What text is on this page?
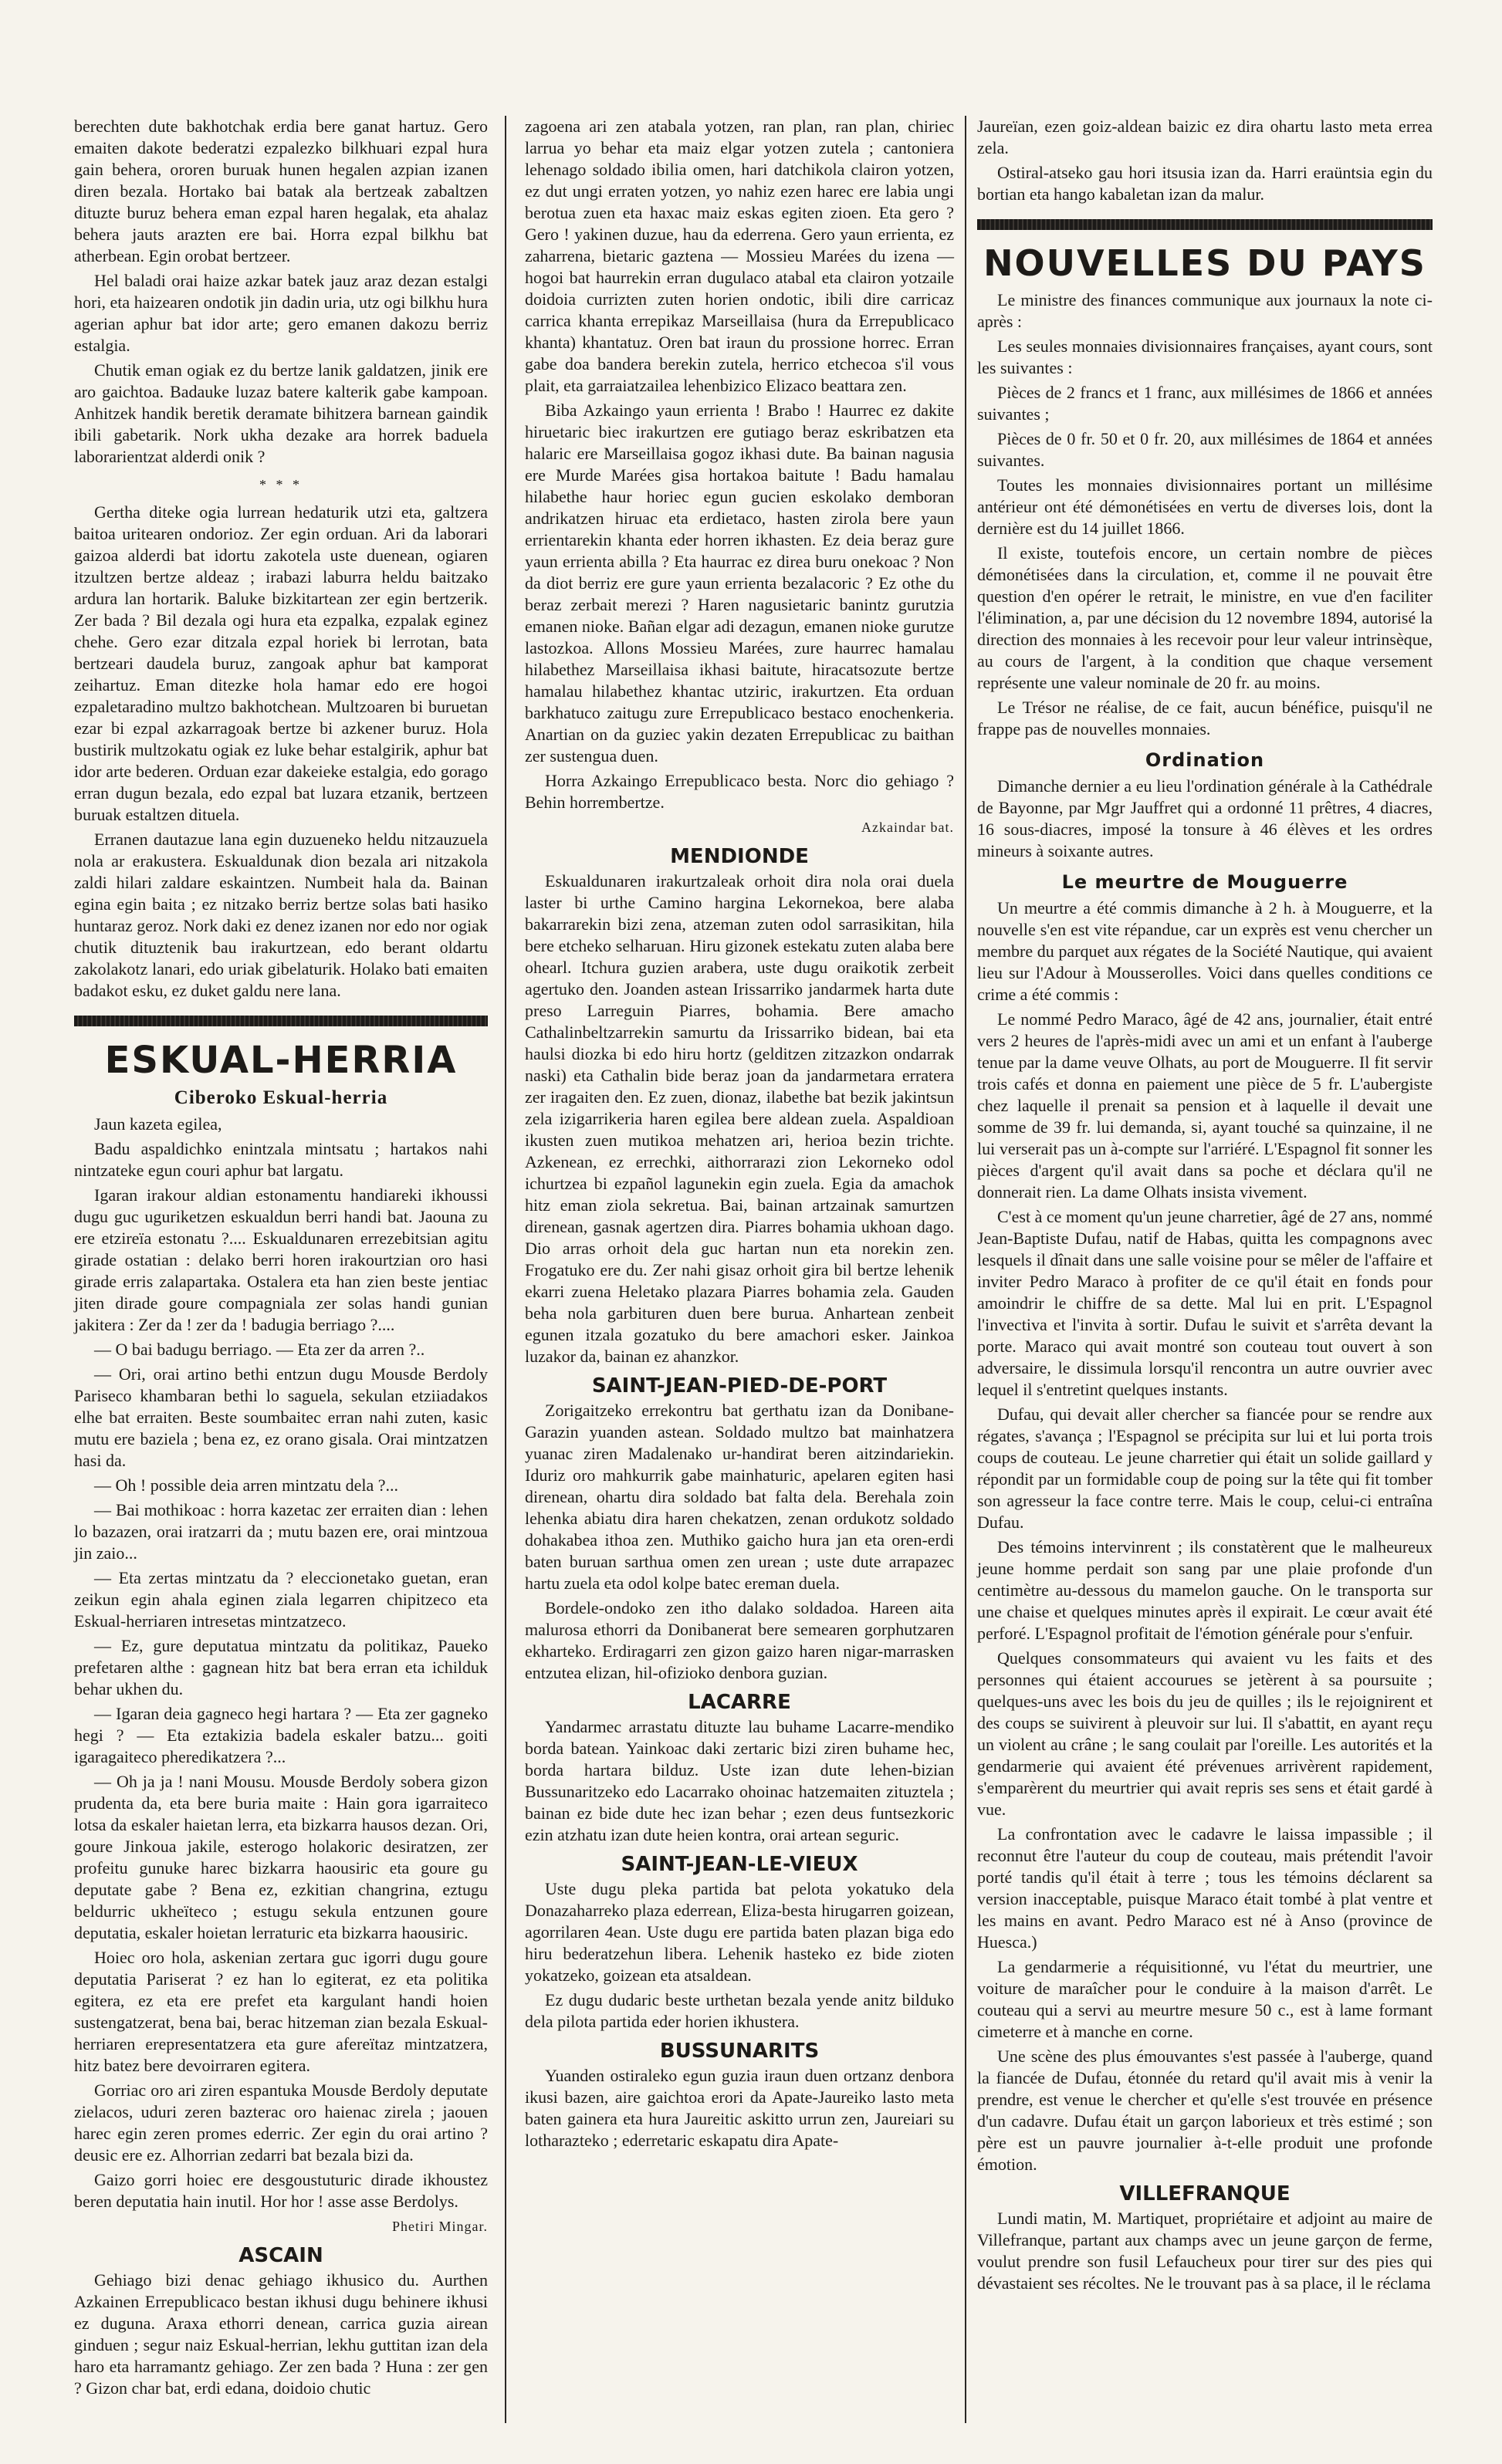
berechten dute bakhotchak erdia bere ganat hartuz. Gero emaiten dakote bederatzi ezpalezko bilkhuari ezpal hura gain behera, ororen buruak hunen hegalen azpian izanen diren bezala. Hortako bai batak ala bertzeak zabaltzen dituzte buruz behera eman ezpal haren hegalak, eta ahalaz behera jauts arazten ere bai. Horra ezpal bilkhu bat atherbean. Egin orobat bertzeer.

Hel baladi orai haize azkar batek jauz araz dezan estalgi hori, eta haizearen ondotik jin dadin uria, utz ogi bilkhu hura agerian aphur bat idor arte; gero emanen dakozu berriz estalgia.

Chutik eman ogiak ez du bertze lanik galdatzen, jinik ere aro gaichtoa. Badauke luzaz batere kalterik gabe kampoan. Anhitzek handik beretik deramate bihitzera barnean gaindik ibili gabetarik. Nork ukha dezake ara horrek baduela laborarientzat alderdi onik ?

* * *

Gertha diteke ogia lurrean hedaturik utzi eta, galtzera baitoa uritearen ondorioz. Zer egin orduan. Ari da laborari gaizoa alderdi bat idortu zakotela uste duenean, ogiaren itzultzen bertze aldeaz ; irabazi laburra heldu baitzako ardura lan hortarik. Baluke bizkitartean zer egin bertzerik. Zer bada ? Bil dezala ogi hura eta ezpalka, ezpalak eginez chehe. Gero ezar ditzala ezpal horiek bi lerrotan, bata bertzeari daudela buruz, zangoak aphur bat kamporat zeihartuz. Eman ditezke hola hamar edo ere hogoi ezpaletaradino multzo bakhotchean. Multzoaren bi buruetan ezar bi ezpal azkarragoak bertze bi azkener buruz. Hola bustirik multzokatu ogiak ez luke behar estalgirik, aphur bat idor arte bederen. Orduan ezar dakeieke estalgia, edo gorago erran dugun bezala, edo ezpal bat luzara etzanik, bertzeen buruak estaltzen dituela.

Erranen dautazue lana egin duzueneko heldu nitzauzuela nola ar erakustera. Eskualdunak dion bezala ari nitzakola zaldi hilari zaldare eskaintzen. Numbeit hala da. Bainan egina egin baita ; ez nitzako berriz bertze solas bati hasiko huntaraz geroz. Nork daki ez denez izanen nor edo nor ogiak chutik dituztenik bau irakurtzean, edo berant oldartu zakolakotz lanari, edo uriak gibelaturik. Holako bati emaiten badakot esku, ez duket galdu nere lana.

ESKUAL-HERRIA
Ciberoko Eskual-herria

Jaun kazeta egilea,

Badu aspaldichko enintzala mintsatu ; hartakos nahi nintzateke egun couri aphur bat largatu.

Igaran irakour aldian estonamentu handiareki ikhoussi dugu guc uguriketzen eskualdun berri handi bat. Jaouna zu ere etzireïa estonatu ?.... Eskualdunaren errezebitsian agitu girade ostatian : delako berri horen irakourtzian oro hasi girade erris zalapartaka. Ostalera eta han zien beste jentiac jiten dirade goure compagniala zer solas handi gunian jakitera : Zer da ! zer da ! badugia berriago ?....

— O bai badugu berriago. — Eta zer da arren ?..

— Ori, orai artino bethi entzun dugu Mousde Berdoly Pariseco khambaran bethi lo saguela, sekulan etziiadakos elhe bat erraiten. Beste soumbaitec erran nahi zuten, kasic mutu ere baziela ; bena ez, ez orano gisala. Orai mintzatzen hasi da.

— Oh ! possible deia arren mintzatu dela ?...

— Bai mothikoac : horra kazetac zer erraiten dian : lehen lo bazazen, orai iratzarri da ; mutu bazen ere, orai mintzoua jin zaio...

— Eta zertas mintzatu da ? eleccionetako guetan, eran zeikun egin ahala eginen ziala legarren chipitzeco eta Eskual-herriaren intresetas mintzatzeco.

— Ez, gure deputatua mintzatu da politikaz, Paueko prefetaren althe : gagnean hitz bat bera erran eta ichilduk behar ukhen du.

— Igaran deia gagneco hegi hartara ? — Eta zer gagneko hegi ? — Eta eztakizia badela eskaler batzu... goiti igaragaiteco pheredikatzera ?...

— Oh ja ja ! nani Mousu. Mousde Berdoly sobera gizon prudenta da, eta bere buria maite : Hain gora igarraiteco lotsa da eskaler haietan lerra, eta bizkarra hausos dezan. Ori, goure Jinkoua jakile, esterogo holakoric desiratzen, zer profeitu gunuke harec bizkarra haousiric eta goure gu deputate gabe ? Bena ez, ezkitian changrina, eztugu beldurric ukheïteco ; estugu sekula entzunen goure deputatia, eskaler hoietan lerraturic eta bizkarra haousiric.

Hoiec oro hola, askenian zertara guc igorri dugu goure deputatia Pariserat ? ez han lo egiterat, ez eta politika egitera, ez eta ere prefet eta kargulant handi hoien sustengatzerat, bena bai, berac hitzeman zian bezala Eskual-herriaren erepresentatzera eta gure afereïtaz mintzatzera, hitz batez bere devoirraren egitera.

Gorriac oro ari ziren espantuka Mousde Berdoly deputate zielacos, uduri zeren bazterac oro haienac zirela ; jaouen harec egin zeren promes ederric. Zer egin du orai artino ? deusic ere ez. Alhorrian zedarri bat bezala bizi da.

Gaizo gorri hoiec ere desgoustuturic dirade ikhoustez beren deputatia hain inutil. Hor hor ! asse asse Berdolys.

Phetiri Mingar.
ASCAIN

Gehiago bizi denac gehiago ikhusico du. Aurthen Azkainen Errepublicaco bestan ikhusi dugu behinere ikhusi ez duguna. Araxa ethorri denean, carrica guzia airean ginduen ; segur naiz Eskual-herrian, lekhu guttitan izan dela haro eta harramantz gehiago. Zer zen bada ? Huna : zer gen ? Gizon char bat, erdi edana, doidoio chutic

zagoena ari zen atabala yotzen, ran plan, ran plan, chiriec larrua yo behar eta maiz elgar yotzen zutela ; cantoniera lehenago soldado ibilia omen, hari datchikola clairon yotzen, ez dut ungi erraten yotzen, yo nahiz ezen harec ere labia ungi berotua zuen eta haxac maiz eskas egiten zioen. Eta gero ? Gero ! yakinen duzue, hau da ederrena. Gero yaun errienta, ez zaharrena, bietaric gaztena — Mossieu Marées du izena — hogoi bat haurrekin erran dugulaco atabal eta clairon yotzaile doidoia currizten zuten horien ondotic, ibili dire carricaz carrica khanta errepikaz Marseillaisa (hura da Errepublicaco khanta) khantatuz. Oren bat iraun du prossione horrec. Erran gabe doa bandera berekin zutela, herrico etchecoa s'il vous plait, eta garraiatzailea lehenbizico Elizaco beattara zen.

Biba Azkaingo yaun errienta ! Brabo ! Haurrec ez dakite hiruetaric biec irakurtzen ere gutiago beraz eskribatzen eta halaric ere Marseillaisa gogoz ikhasi dute. Ba bainan nagusia ere Murde Marées gisa hortakoa baitute ! Badu hamalau hilabethe haur horiec egun gucien eskolako demboran andrikatzen hiruac eta erdietaco, hasten zirola bere yaun errientarekin khanta eder horren ikhasten. Ez deia beraz gure yaun errienta abilla ? Eta haurrac ez direa buru onekoac ? Non da diot berriz ere gure yaun errienta bezalacoric ? Ez othe du beraz zerbait merezi ? Haren nagusietaric banintz gurutzia emanen nioke. Bañan elgar adi dezagun, emanen nioke gurutze lastozkoa. Allons Mossieu Marées, zure haurrec hamalau hilabethez Marseillaisa ikhasi baitute, hiracatsozute bertze hamalau hilabethez khantac utziric, irakurtzen. Eta orduan barkhatuco zaitugu zure Errepublicaco bestaco enochenkeria. Anartian on da guziec yakin dezaten Errepublicac zu baithan zer sustengua duen.

Horra Azkaingo Errepublicaco besta. Norc dio gehiago ? Behin horrembertze.

Azkaindar bat.
MENDIONDE

Eskualdunaren irakurtzaleak orhoit dira nola orai duela laster bi urthe Camino hargina Lekornekoa, bere alaba bakarrarekin bizi zena, atzeman zuten odol sarrasikitan, hila bere etcheko selharuan. Hiru gizonek estekatu zuten alaba bere ohearl. Itchura guzien arabera, uste dugu oraikotik zerbeit agertuko den. Joanden astean Irissarriko jandarmek harta dute preso Larreguin Piarres, bohamia. Bere amacho Cathalinbeltzarrekin samurtu da Irissarriko bidean, bai eta haulsi diozka bi edo hiru hortz (gelditzen zitzazkon ondarrak naski) eta Cathalin bide beraz joan da jandarmetara erratera zer iragaiten den. Ez zuen, dionaz, ilabethe bat bezik jakintsun zela izigarrikeria haren egilea bere aldean zuela. Aspaldioan ikusten zuen mutikoa mehatzen ari, herioa bezin trichte. Azkenean, ez errechki, aithorrarazi zion Lekorneko odol ichurtzea bi ezpañol lagunekin egin zuela. Egia da amachok hitz eman ziola sekretua. Bai, bainan artzainak samurtzen direnean, gasnak agertzen dira. Piarres bohamia ukhoan dago. Dio arras orhoit dela guc hartan nun eta norekin zen. Frogatuko ere du. Zer nahi gisaz orhoit gira bil bertze lehenik ekarri zuena Heletako plazara Piarres bohamia zela. Gauden beha nola garbituren duen bere burua. Anhartean zenbeit egunen itzala gozatuko du bere amachori esker. Jainkoa luzakor da, bainan ez ahanzkor.

SAINT-JEAN-PIED-DE-PORT

Zorigaitzeko errekontru bat gerthatu izan da Donibane-Garazin yuanden astean. Soldado multzo bat mainhatzera yuanac ziren Madalenako ur-handirat beren aitzindariekin. Iduriz oro mahkurrik gabe mainhaturic, apelaren egiten hasi direnean, ohartu dira soldado bat falta dela. Berehala zoin lehenka abiatu dira haren chekatzen, zenan ordukotz soldado dohakabea ithoa zen. Muthiko gaicho hura jan eta oren-erdi baten buruan sarthua omen zen urean ; uste dute arrapazec hartu zuela eta odol kolpe batec ereman duela.

Bordele-ondoko zen itho dalako soldadoa. Hareen aita malurosa ethorri da Donibanerat bere semearen gorphutzaren ekharteko. Erdiragarri zen gizon gaizo haren nigar-marrasken entzutea elizan, hil-ofizioko denbora guzian.

LACARRE

Yandarmec arrastatu dituzte lau buhame Lacarre-mendiko borda batean. Yainkoac daki zertaric bizi ziren buhame hec, borda hartara bilduz. Uste izan dute lehen-bizian Bussunaritzeko edo Lacarrako ohoinac hatzemaiten zituztela ; bainan ez bide dute hec izan behar ; ezen deus funtsezkoric ezin atzhatu izan dute heien kontra, orai artean seguric.

SAINT-JEAN-LE-VIEUX

Uste dugu pleka partida bat pelota yokatuko dela Donazaharreko plaza ederrean, Eliza-besta hirugarren goizean, agorrilaren 4ean. Uste dugu ere partida baten plazan biga edo hiru bederatzehun libera. Lehenik hasteko ez bide zioten yokatzeko, goizean eta atsaldean.

Ez dugu dudaric beste urthetan bezala yende anitz bilduko dela pilota partida eder horien ikhustera.

BUSSUNARITS

Yuanden ostiraleko egun guzia iraun duen ortzanz denbora ikusi bazen, aire gaichtoa erori da Apate-Jaureiko lasto meta baten gainera eta hura Jaureitic askitto urrun zen, Jaureiari su lotharazteko ; ederretaric eskapatu dira Apate-

Jaureïan, ezen goiz-aldean baizic ez dira ohartu lasto meta errea zela.

Ostiral-atseko gau hori itsusia izan da. Harri eraüntsia egin du bortian eta hango kabaletan izan da malur.

NOUVELLES DU PAYS

Le ministre des finances communique aux journaux la note ci-après :

Les seules monnaies divisionnaires françaises, ayant cours, sont les suivantes :

Pièces de 2 francs et 1 franc, aux millésimes de 1866 et années suivantes ;

Pièces de 0 fr. 50 et 0 fr. 20, aux millésimes de 1864 et années suivantes.

Toutes les monnaies divisionnaires portant un millésime antérieur ont été démonétisées en vertu de diverses lois, dont la dernière est du 14 juillet 1866.

Il existe, toutefois encore, un certain nombre de pièces démonétisées dans la circulation, et, comme il ne pouvait être question d'en opérer le retrait, le ministre, en vue d'en faciliter l'élimination, a, par une décision du 12 novembre 1894, autorisé la direction des monnaies à les recevoir pour leur valeur intrinsèque, au cours de l'argent, à la condition que chaque versement représente une valeur nominale de 20 fr. au moins.

Le Trésor ne réalise, de ce fait, aucun bénéfice, puisqu'il ne frappe pas de nouvelles monnaies.

Ordination

Dimanche dernier a eu lieu l'ordination générale à la Cathédrale de Bayonne, par Mgr Jauffret qui a ordonné 11 prêtres, 4 diacres, 16 sous-diacres, imposé la tonsure à 46 élèves et les ordres mineurs à soixante autres.

Le meurtre de Mouguerre

Un meurtre a été commis dimanche à 2 h. à Mouguerre, et la nouvelle s'en est vite répandue, car un exprès est venu chercher un membre du parquet aux régates de la Société Nautique, qui avaient lieu sur l'Adour à Mousserolles. Voici dans quelles conditions ce crime a été commis :

Le nommé Pedro Maraco, âgé de 42 ans, journalier, était entré vers 2 heures de l'après-midi avec un ami et un enfant à l'auberge tenue par la dame veuve Olhats, au port de Mouguerre. Il fit servir trois cafés et donna en paiement une pièce de 5 fr. L'aubergiste chez laquelle il prenait sa pension et à laquelle il devait une somme de 39 fr. lui demanda, si, ayant touché sa quinzaine, il ne lui verserait pas un à-compte sur l'arriéré. L'Espagnol fit sonner les pièces d'argent qu'il avait dans sa poche et déclara qu'il ne donnerait rien. La dame Olhats insista vivement.

C'est à ce moment qu'un jeune charretier, âgé de 27 ans, nommé Jean-Baptiste Dufau, natif de Habas, quitta les compagnons avec lesquels il dînait dans une salle voisine pour se mêler de l'affaire et inviter Pedro Maraco à profiter de ce qu'il était en fonds pour amoindrir le chiffre de sa dette. Mal lui en prit. L'Espagnol l'invectiva et l'invita à sortir. Dufau le suivit et s'arrêta devant la porte. Maraco qui avait montré son couteau tout ouvert à son adversaire, le dissimula lorsqu'il rencontra un autre ouvrier avec lequel il s'entretint quelques instants.

Dufau, qui devait aller chercher sa fiancée pour se rendre aux régates, s'avança ; l'Espagnol se précipita sur lui et lui porta trois coups de couteau. Le jeune charretier qui était un solide gaillard y répondit par un formidable coup de poing sur la tête qui fit tomber son agresseur la face contre terre. Mais le coup, celui-ci entraîna Dufau.

Des témoins intervinrent ; ils constatèrent que le malheureux jeune homme perdait son sang par une plaie profonde d'un centimètre au-dessous du mamelon gauche. On le transporta sur une chaise et quelques minutes après il expirait. Le cœur avait été perforé. L'Espagnol profitait de l'émotion générale pour s'enfuir.

Quelques consommateurs qui avaient vu les faits et des personnes qui étaient accourues se jetèrent à sa poursuite ; quelques-uns avec les bois du jeu de quilles ; ils le rejoignirent et des coups se suivirent à pleuvoir sur lui. Il s'abattit, en ayant reçu un violent au crâne ; le sang coulait par l'oreille. Les autorités et la gendarmerie qui avaient été prévenues arrivèrent rapidement, s'emparèrent du meurtrier qui avait repris ses sens et était gardé à vue.

La confrontation avec le cadavre le laissa impassible ; il reconnut être l'auteur du coup de couteau, mais prétendit l'avoir porté tandis qu'il était à terre ; tous les témoins déclarent sa version inacceptable, puisque Maraco était tombé à plat ventre et les mains en avant. Pedro Maraco est né à Anso (province de Huesca.)

La gendarmerie a réquisitionné, vu l'état du meurtrier, une voiture de maraîcher pour le conduire à la maison d'arrêt. Le couteau qui a servi au meurtre mesure 50 c., est à lame formant cimeterre et à manche en corne.

Une scène des plus émouvantes s'est passée à l'auberge, quand la fiancée de Dufau, étonnée du retard qu'il avait mis à venir la prendre, est venue le chercher et qu'elle s'est trouvée en présence d'un cadavre. Dufau était un garçon laborieux et très estimé ; son père est un pauvre journalier à-t-elle produit une profonde émotion.

VILLEFRANQUE

Lundi matin, M. Martiquet, propriétaire et adjoint au maire de Villefranque, partant aux champs avec un jeune garçon de ferme, voulut prendre son fusil Lefaucheux pour tirer sur des pies qui dévastaient ses récoltes. Ne le trouvant pas à sa place, il le réclama
